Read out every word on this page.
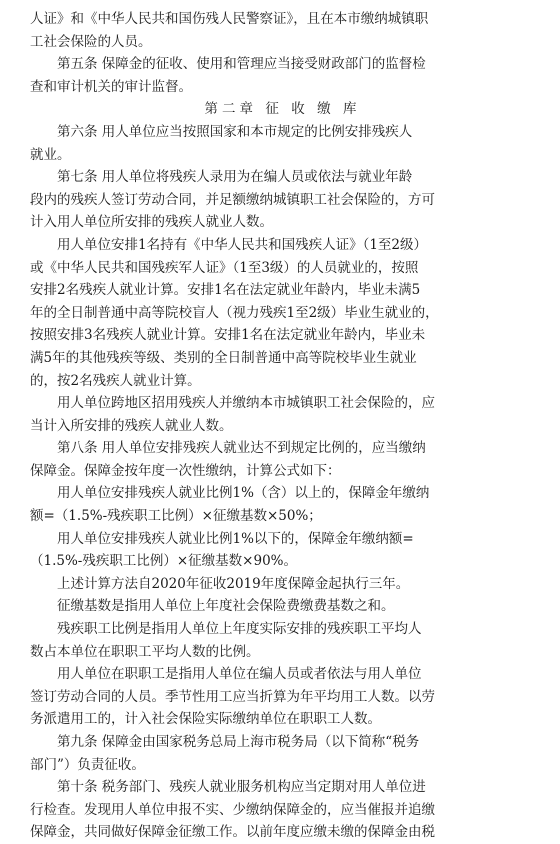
人证》和《中华人民共和国伤残人民警察证》，且在本市缴纳城镇职
工社会保险的人员。
第五条 保障金的征收、使用和管理应当接受财政部门的监督检
查和审计机关的审计监督。
第二章 征 收 缴 库
第六条 用人单位应当按照国家和本市规定的比例安排残疾人
就业。
第七条 用人单位将残疾人录用为在编人员或依法与就业年龄
段内的残疾人签订劳动合同，并足额缴纳城镇职工社会保险的，方可
计入用人单位所安排的残疾人就业人数。
用人单位安排1名持有《中华人民共和国残疾人证》（1至2级）
或《中华人民共和国残疾军人证》（1至3级）的人员就业的，按照
安排2名残疾人就业计算。安排1名在法定就业年龄内，毕业未满5
年的全日制普通中高等院校盲人（视力残疾1至2级）毕业生就业的，
按照安排3名残疾人就业计算。安排1名在法定就业年龄内，毕业未
满5年的其他残疾等级、类别的全日制普通中高等院校毕业生就业
的，按2名残疾人就业计算。
用人单位跨地区招用残疾人并缴纳本市城镇职工社会保险的，应
当计入所安排的残疾人就业人数。
第八条 用人单位安排残疾人就业达不到规定比例的，应当缴纳
保障金。保障金按年度一次性缴纳，计算公式如下：
用人单位安排残疾人就业比例1%（含）以上的，保障金年缴纳
额=（1.5%-残疾职工比例）×征缴基数×50%；
用人单位安排残疾人就业比例1%以下的，保障金年缴纳额=
（1.5%-残疾职工比例）×征缴基数×90%。
上述计算方法自2020年征收2019年度保障金起执行三年。
征缴基数是指用人单位上年度社会保险费缴费基数之和。
残疾职工比例是指用人单位上年度实际安排的残疾职工平均人
数占本单位在职职工平均人数的比例。
用人单位在职职工是指用人单位在编人员或者依法与用人单位
签订劳动合同的人员。季节性用工应当折算为年平均用工人数。以劳
务派遣用工的，计入社会保险实际缴纳单位在职职工人数。
第九条 保障金由国家税务总局上海市税务局（以下简称“税务
部门”）负责征收。
第十条 税务部门、残疾人就业服务机构应当定期对用人单位进
行检查。发现用人单位申报不实、少缴纳保障金的，应当催报并追缴
保障金，共同做好保障金征缴工作。以前年度应缴未缴的保障金由税
